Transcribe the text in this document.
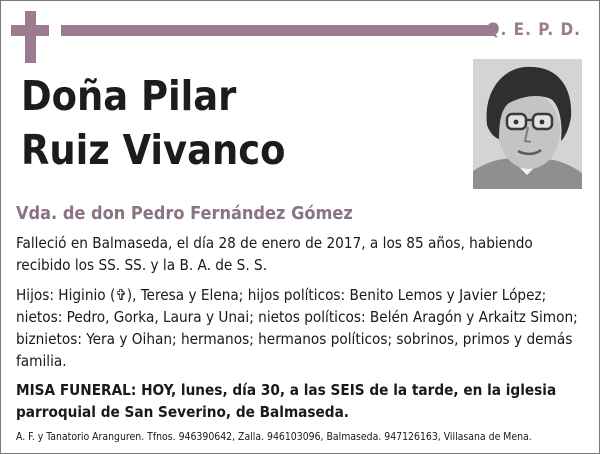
Q. E. P. D.
Doña Pilar
Ruiz Vivanco
Vda. de don Pedro Fernández Gómez
Falleció en Balmaseda, el día 28 de enero de 2017, a los 85 años, habiendo recibido los SS. SS. y la B. A. de S. S.
Hijos: Higinio (✞), Teresa y Elena; hijos políticos: Benito Lemos y Javier López; nietos: Pedro, Gorka, Laura y Unai; nietos políticos: Belén Aragón y Arkaitz Simon; biznietos: Yera y Oihan; hermanos; hermanos políticos; sobrinos, primos y demás familia.
MISA FUNERAL: HOY, lunes, día 30, a las SEIS de la tarde, en la iglesia parroquial de San Severino, de Balmaseda.
A. F. y Tanatorio Aranguren. Tfnos. 946390642, Zalla. 946103096, Balmaseda. 947126163, Villasana de Mena.
